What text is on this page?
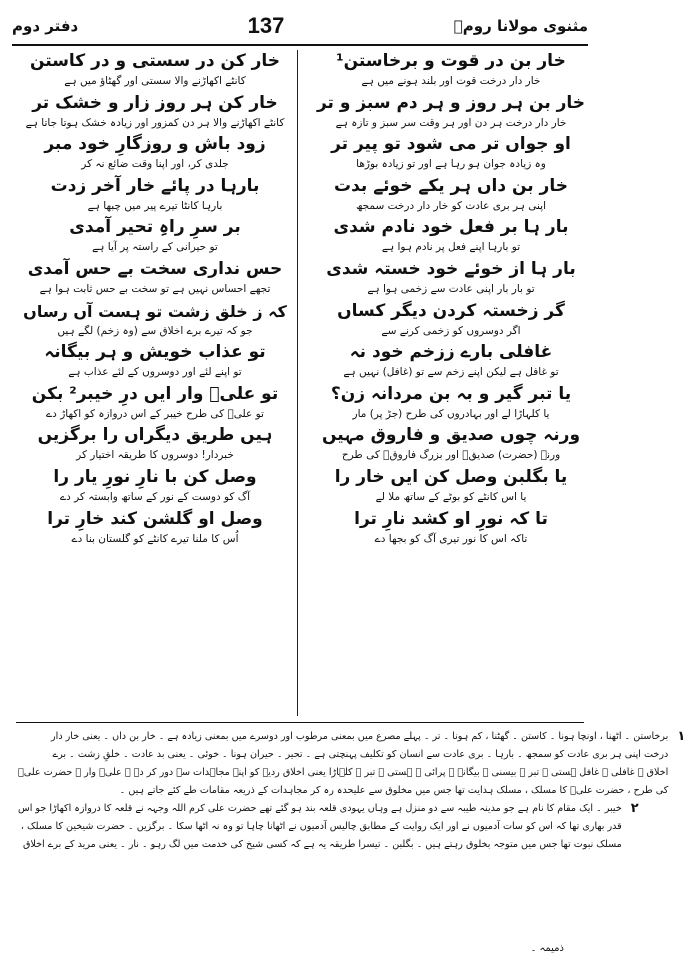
دفتر دوم	137	مثنوی مولانا رومؒ
خار بن در قوت و برخاستن¹
خار دار درخت قوت اور بلند ہونے میں ہے
خار بن ہر روز و ہر دم سبز و تر
خار دار درخت ہر دن اور ہر وقت سر سبز و تازہ ہے
او جواں تر می شود تو پیر تر
وہ زیادہ جوان ہو رہا ہے اور تو زیادہ بوڑھا
خار بن داں ہر یکے خوئے بدت
اپنی ہر بری عادت کو خار دار درخت سمجھ
بار ہا بر فعل خود نادم شدی
تو بارہا اپنے فعل پر نادم ہوا ہے
بار ہا از خوئے خود خستہ شدی
تو بار بار اپنی عادت سے زخمی ہوا ہے
گر زخستہ کردن دیگر کساں
اگر دوسروں کو زخمی کرنے سے
غافلی بارے ززخم خود نہ
تو غافل ہے لیکن اپنے زخم سے تو (غافل) نہیں ہے
یا تبر گیر و بہ بن مردانہ زن؟
یا کلہاڑا لے اور بہادروں کی طرح (جڑ پر) مار
ورنہ چوں صدیق و فاروق مہیں
ورنہ (حضرت) صدیقؓ اور بزرگ فاروقؓ کی طرح
یا بگلبن وصل کن ایں خار را
یا اس کانٹے کو بوٹے کے ساتھ ملا لے
تا کہ نورِ او کشد نارِ ترا
تاکہ اس کا نور تیری آگ کو بجھا دے
خار کن در سستی و در کاستن
کانٹے اکھاڑنے والا سستی اور گھٹاؤ میں ہے
خار کن ہر روز زار و خشک تر
کانٹے اکھاڑنے والا ہر دن کمزور اور زیادہ خشک ہوتا جاتا ہے
زود باش و روزگارِ خود مبر
جلدی کر، اور اپنا وقت ضائع نہ کر
بارہا در پائے خار آخر زدت
بارہا کانٹا تیرے پیر میں چبھا ہے
بر سرِ راہِ تحیر آمدی
تو حیرانی کے راستہ پر آیا ہے
حس نداری سخت بے حس آمدی
تجھے احساس نہیں ہے تو سخت بے حس ثابت ہوا ہے
کہ ز خلق زشت تو ہست آں رساں
جو کہ تیرے برے اخلاق سے (وہ زخم) لگے ہیں
تو عذاب خویش و ہر بیگانہ
تو اپنے لئے اور دوسروں کے لئے عذاب ہے
تو علیؓ وار ایں درِ خیبر² بکن
تو علیؓ کی طرح خیبر کے اس دروازہ کو اکھاڑ دے
ہیں طریق دیگراں را برگزیں
خبردار! دوسروں کا طریقہ اختیار کر
وصل کن با نارِ نورِ یار را
آگ کو دوست کے نور کے ساتھ وابستہ کر دے
وصل او گلشن کند خارِ ترا
اُس کا ملنا تیرے کانٹے کو گلستان بنا دے
برخاستن ۔ اٹھنا ، اونچا ہونا ۔ کاستن ۔ گھٹنا ، کم ہونا ۔ تر ۔ پہلے مصرع میں بمعنی مرطوب اور دوسرے میں بمعنی زیادہ ہے ۔ خار بن داں ۔ یعنی خار دار
درخت اپنی ہر بری عادت کو سمجھ ۔ بارہا ۔ بری عادت سے انسان کو تکلیف پہنچتی ہے ۔ تحیر ۔ حیران ہونا ۔ خوئی ۔ یعنی بد عادت ۔ خلقِ زشت ۔ برے
اخلاق ۔ غافلی ۔ غافل ہستی ۔ تبر ۔ بیسنی ۔ بیگانہ ۔ پرائی ۔ ہستی ۔ تبر ۔ کلہاڑا یعنی اخلاق ردیہ کو اپنے مجاہدات سے دور کر دے ۔ علیؓ وار ۔ حضرت علیؓ
کی طرح ، حضرت علیؓ کا مسلک ، مسلک ہدایت تھا جس میں مخلوق سے علیحدہ رہ کر مجاہدات کے ذریعہ مقامات طے کئے جاتے ہیں ۔
١
خیبر ۔ ایک مقام کا نام ہے جو مدینہ طیبہ سے دو منزل ہے وہاں یہودی قلعہ بند ہو گئے تھے حضرت علی کرم اللہ وجہہ نے قلعہ کا دروازہ اکھاڑا جو اس
قدر بھاری تھا کہ اس کو سات آدمیوں نے اور ایک روایت کے مطابق چالیس آدمیوں نے اٹھانا چاہا تو وہ نہ اٹھا سکا ۔ برگزیں ۔ حضرت شیخین کا مسلک ،
مسلک نبوت تھا جس میں متوجہ بخلوق رہتے ہیں ۔ بگلبن ۔ تیسرا طریقہ یہ ہے کہ کسی شیخ کی خدمت میں لگ رہو ۔ نار ۔ یعنی مرید کے برے اخلاق
٢
ذمیمہ ۔
